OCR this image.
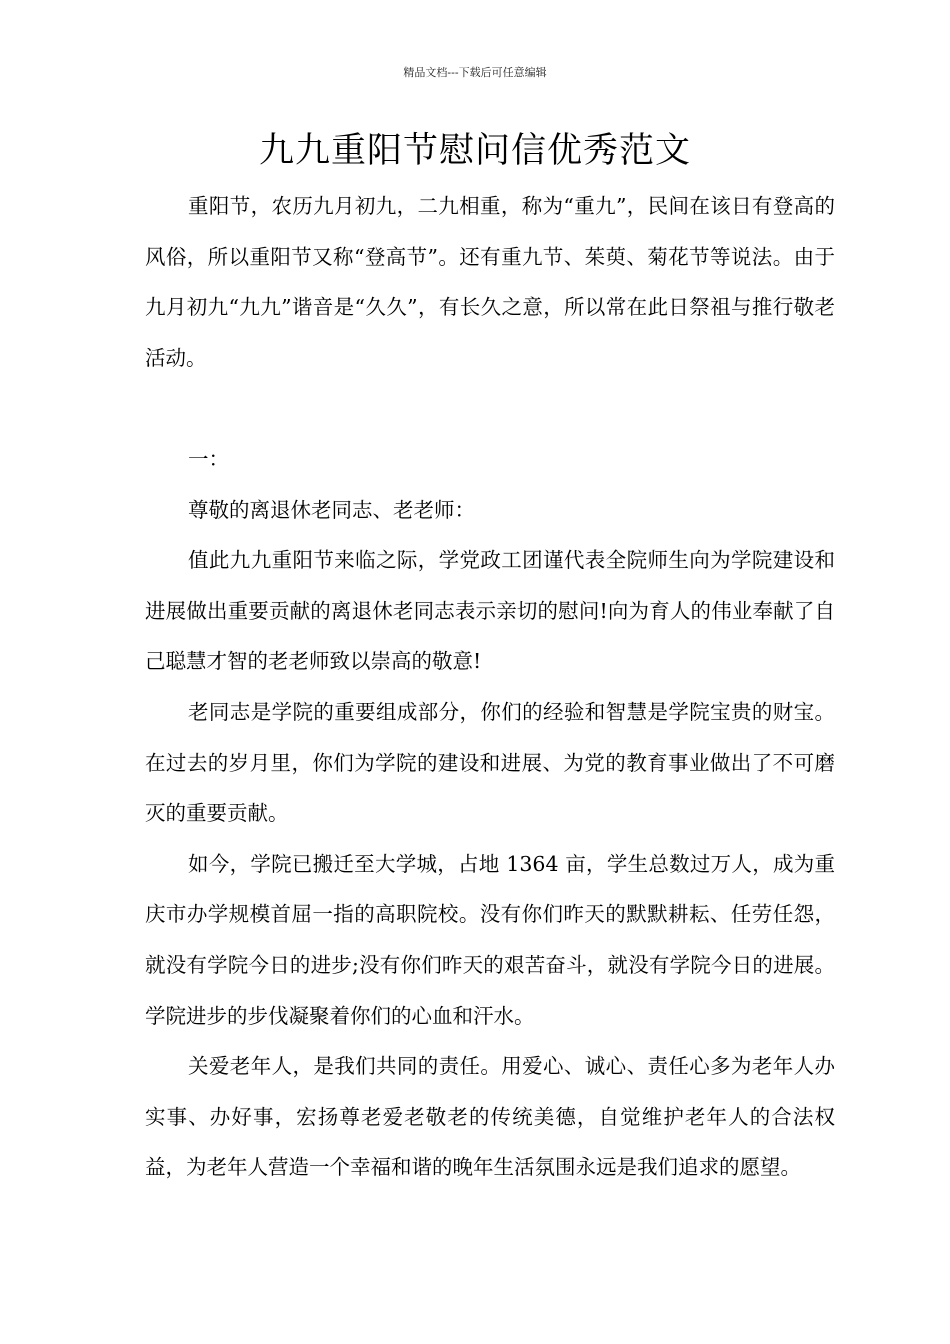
精品文档---下载后可任意编辑
九九重阳节慰问信优秀范文

重阳节，农历九月初九，二九相重，称为“重九”，民间在该日有登高的风俗，所以重阳节又称“登高节”。还有重九节、茱萸、菊花节等说法。由于九月初九“九九”谐音是“久久”，有长久之意，所以常在此日祭祖与推行敬老活动。

一：

尊敬的离退休老同志、老老师：

值此九九重阳节来临之际，学党政工团谨代表全院师生向为学院建设和进展做出重要贡献的离退休老同志表示亲切的慰问!向为育人的伟业奉献了自己聪慧才智的老老师致以崇高的敬意!

老同志是学院的重要组成部分，你们的经验和智慧是学院宝贵的财宝。在过去的岁月里，你们为学院的建设和进展、为党的教育事业做出了不可磨灭的重要贡献。

如今，学院已搬迁至大学城，占地 1364 亩，学生总数过万人，成为重庆市办学规模首屈一指的高职院校。没有你们昨天的默默耕耘、任劳任怨，就没有学院今日的进步;没有你们昨天的艰苦奋斗，就没有学院今日的进展。学院进步的步伐凝聚着你们的心血和汗水。

关爱老年人，是我们共同的责任。用爱心、诚心、责任心多为老年人办实事、办好事，宏扬尊老爱老敬老的传统美德，自觉维护老年人的合法权益，为老年人营造一个幸福和谐的晚年生活氛围永远是我们追求的愿望。
